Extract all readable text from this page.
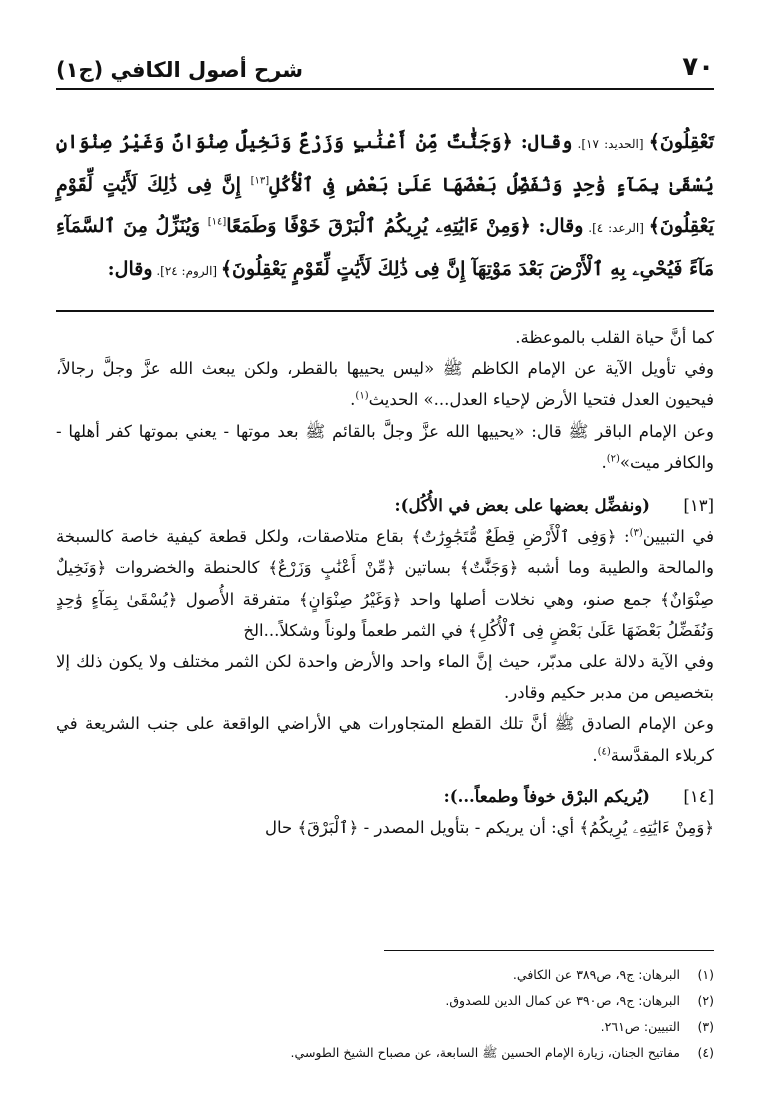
٧٠
شرح أصول الكافي (ج١)
تَعْقِلُونَ﴾ [الحديد: ١٧]. وقال: ﴿وَجَنَّٰتٌ مِّنْ أَعْنَٰبٍ وَزَرْعٌ وَنَخِيلٌ صِنْوَانٌ وَغَيْرُ صِنْوَانٍ يُسْقَىٰ بِمَآءٍ وَٰحِدٍ وَنُفَضِّلُ بَعْضَهَا عَلَىٰ بَعْضٍ فِى ٱلْأُكُلِ[١٣] إِنَّ فِى ذَٰلِكَ لَأَيَٰتٍ لِّقَوْمٍ يَعْقِلُونَ﴾ [الرعد: ٤]. وقال: ﴿وَمِنْ ءَايَٰتِهِۦ يُرِيكُمُ ٱلْبَرْقَ خَوْفًا وَطَمَعًا[١٤] وَيُنَزِّلُ مِنَ ٱلسَّمَآءِ مَآءً فَيُحْىِۦ بِهِ ٱلْأَرْضَ بَعْدَ مَوْتِهَآ إِنَّ فِى ذَٰلِكَ لَأَيَٰتٍ لِّقَوْمٍ يَعْقِلُونَ﴾ [الروم: ٢٤]. وقال:

كما أنَّ حياة القلب بالموعظة.

وفي تأويل الآية عن الإمام الكاظم ﷺ «ليس يحييها بالقطر، ولكن يبعث الله عزَّ وجلَّ رجالاً، فيحيون العدل فتحيا الأرض لإحياء العدل...» الحديث$^{(١)}$.

وعن الإمام الباقر ﷺ قال: «يحييها الله عزَّ وجلَّ بالقائم ﷺ بعد موتها - يعني بموتها كفر أهلها - والكافر ميت»$^{(٢)}$.

[١٣]
(ونفضِّل بعضها على بعض في الأُكُل):

في التبيين$^{(٣)}$: ﴿وَفِى ٱلْأَرْضِ قِطَعٌ مُّتَجَٰوِرَٰتٌ﴾ بقاع متلاصقات، ولكل قطعة كيفية خاصة كالسبخة والمالحة والطيبة وما أشبه ﴿وَجَنَّٰتٌ﴾ بساتين ﴿مِّنْ أَعْنَٰبٍ وَزَرْعٌ﴾ كالحنطة والخضروات ﴿وَنَخِيلٌ صِنْوَانٌ﴾ جمع صنو، وهي نخلات أصلها واحد ﴿وَغَيْرُ صِنْوَانٍ﴾ متفرقة الأُصول ﴿يُسْقَىٰ بِمَآءٍ وَٰحِدٍ وَنُفَضِّلُ بَعْضَهَا عَلَىٰ بَعْضٍ فِى ٱلْأُكُلِ﴾ في الثمر طعماً ولوناً وشكلاً...الخ

وفي الآية دلالة على مدبّر، حيث إنَّ الماء واحد والأرض واحدة لكن الثمر مختلف ولا يكون ذلك إلا بتخصيص من مدبر حكيم وقادر.

وعن الإمام الصادق ﷺ أنَّ تلك القطع المتجاورات هي الأراضي الواقعة على جنب الشريعة في كربلاء المقدَّسة$^{(٤)}$.

[١٤]
(يُريكم البرْق خوفاً وطمعاً...):

﴿وَمِنْ ءَايَٰتِهِۦ يُرِيكُمُ﴾ أي: أن يريكم - بتأويل المصدر - ﴿ٱلْبَرْقَ﴾ حال

(١)
البرهان: ج٩، ص٣٨٩ عن الكافي.
(٢)
البرهان: ج٩، ص٣٩٠ عن كمال الدين للصدوق.
(٣)
التبيين: ص٢٦١.
(٤)
مفاتيح الجنان، زيارة الإمام الحسين ﷺ السابعة، عن مصباح الشيخ الطوسي.
